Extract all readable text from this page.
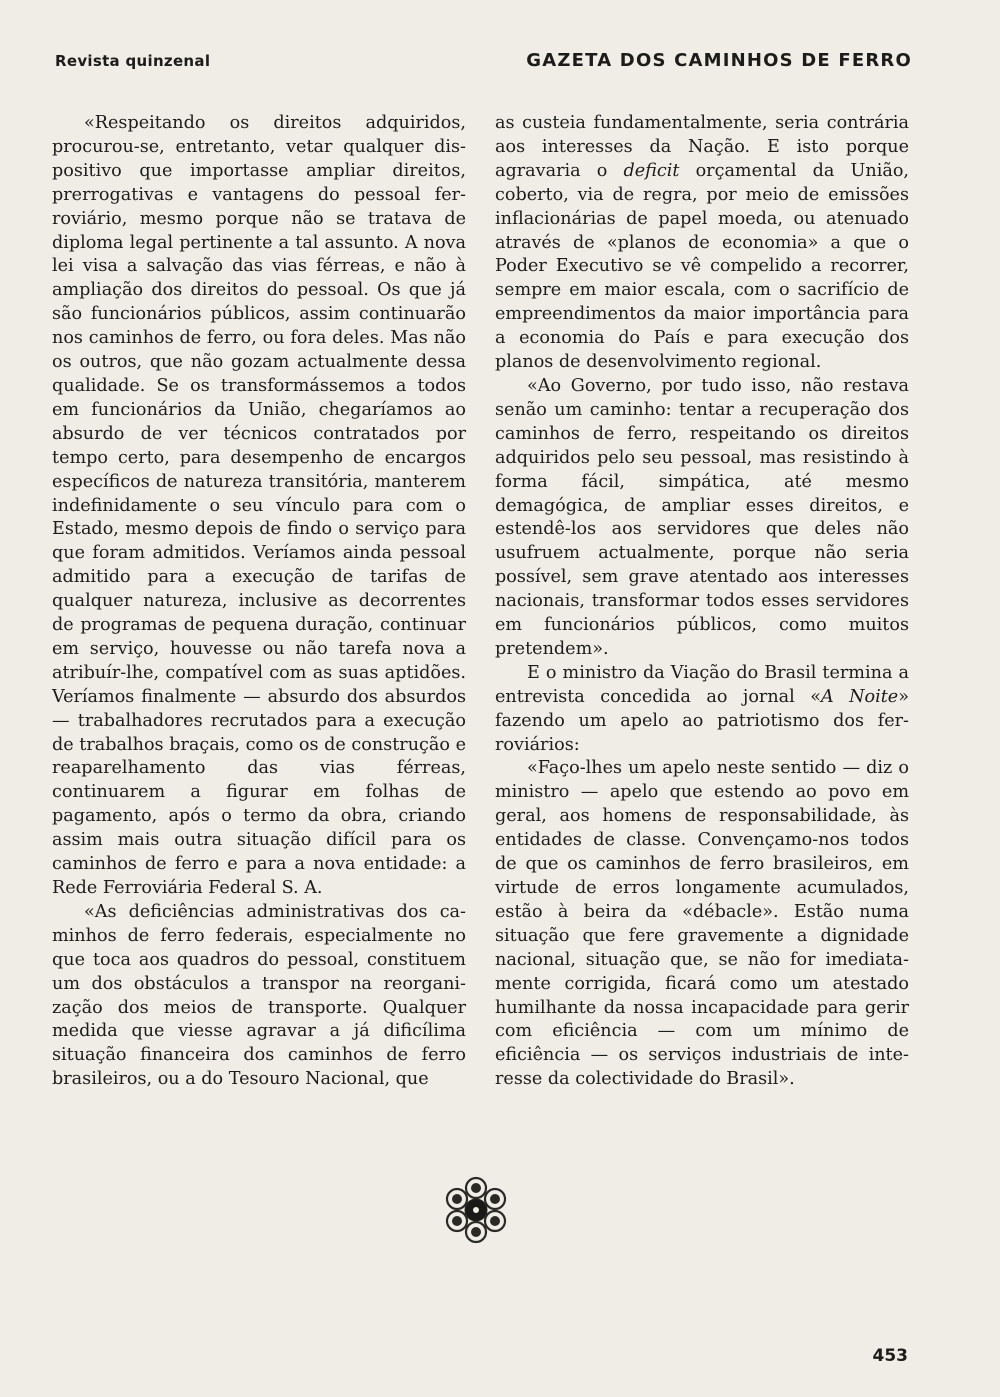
Revista quinzenal	GAZETA DOS CAMINHOS DE FERRO

«Respeitando os direitos adquiridos, procurou-se, entretanto, vetar qualquer dispositivo que importasse ampliar direitos, prerrogativas e vantagens do pessoal ferroviário, mesmo porque não se tratava de diploma legal pertinente a tal assunto. A nova lei visa a salvação das vias férreas, e não à ampliação dos direitos do pessoal. Os que já são funcionários públicos, assim continuarão nos caminhos de ferro, ou fora deles. Mas não os outros, que não gozam actualmente dessa qualidade. Se os transformássemos a todos em funcionários da União, chegaríamos ao absurdo de ver técnicos contratados por tempo certo, para desempenho de encargos específicos de natureza transitória, manterem indefinidamente o seu vínculo para com o Estado, mesmo depois de findo o serviço para que foram admitidos. Veríamos ainda pessoal admitido para a execução de tarifas de qualquer natureza, inclusive as decorrentes de programas de pequena duração, continuar em serviço, houvesse ou não tarefa nova a atribuír-lhe, compatível com as suas aptidões. Veríamos finalmente — absurdo dos absurdos — trabalhadores recrutados para a execução de trabalhos braçais, como os de construção e reaparelhamento das vias férreas, continuarem a figurar em folhas de pagamento, após o termo da obra, criando assim mais outra situação difícil para os caminhos de ferro e para a nova entidade: a Rede Ferroviária Federal S. A.

«As deficiências administrativas dos caminhos de ferro federais, especialmente no que toca aos quadros do pessoal, constituem um dos obstáculos a transpor na reorganização dos meios de transporte. Qualquer medida que viesse agravar a já dificílima situação financeira dos caminhos de ferro brasileiros, ou a do Tesouro Nacional, que

as custeia fundamentalmente, seria contrária aos interesses da Nação. E isto porque agravaria o deficit orçamental da União, coberto, via de regra, por meio de emissões inflacionárias de papel moeda, ou atenuado através de «planos de economia» a que o Poder Executivo se vê compelido a recorrer, sempre em maior escala, com o sacrifício de empreendimentos da maior importância para a economia do País e para execução dos planos de desenvolvimento regional.

«Ao Governo, por tudo isso, não restava senão um caminho: tentar a recuperação dos caminhos de ferro, respeitando os direitos adquiridos pelo seu pessoal, mas resistindo à forma fácil, simpática, até mesmo demagógica, de ampliar esses direitos, e estendê-los aos servidores que deles não usufruem actualmente, porque não seria possível, sem grave atentado aos interesses nacionais, transformar todos esses servidores em funcionários públicos, como muitos pretendem».

E o ministro da Viação do Brasil termina a entrevista concedida ao jornal «A Noite» fazendo um apelo ao patriotismo dos ferroviários:

«Faço-lhes um apelo neste sentido — diz o ministro — apelo que estendo ao povo em geral, aos homens de responsabilidade, às entidades de classe. Convençamo-nos todos de que os caminhos de ferro brasileiros, em virtude de erros longamente acumulados, estão à beira da «débacle». Estão numa situação que fere gravemente a dignidade nacional, situação que, se não for imediatamente corrigida, ficará como um atestado humilhante da nossa incapacidade para gerir com eficiência — com um mínimo de eficiência — os serviços industriais de interesse da colectividade do Brasil».

453
